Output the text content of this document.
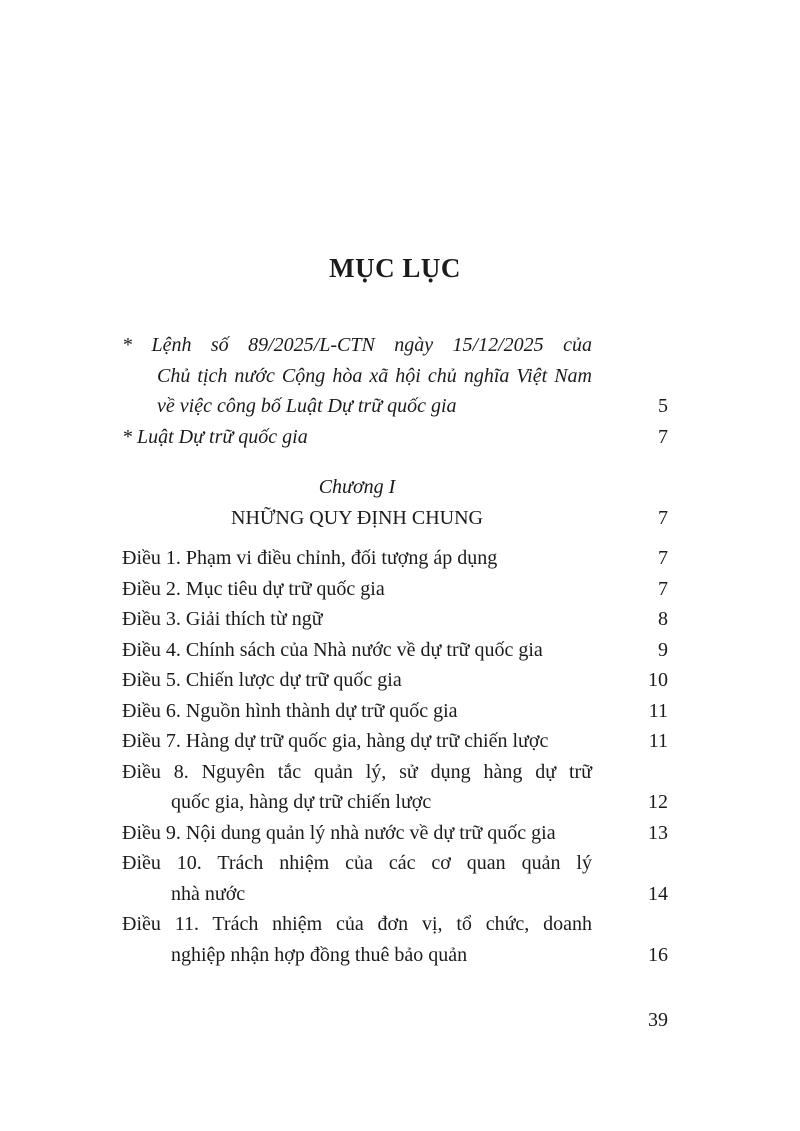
MỤC LỤC
* Lệnh số 89/2025/L-CTN ngày 15/12/2025 của
Chủ tịch nước Cộng hòa xã hội chủ nghĩa Việt Nam
về việc công bố Luật Dự trữ quốc gia	5
* Luật Dự trữ quốc gia	7
Chương I
NHỮNG QUY ĐỊNH CHUNG	7
Điều 1. Phạm vi điều chỉnh, đối tượng áp dụng	7
Điều 2. Mục tiêu dự trữ quốc gia	7
Điều 3. Giải thích từ ngữ	8
Điều 4. Chính sách của Nhà nước về dự trữ quốc gia	9
Điều 5. Chiến lược dự trữ quốc gia	10
Điều 6. Nguồn hình thành dự trữ quốc gia	11
Điều 7. Hàng dự trữ quốc gia, hàng dự trữ chiến lược	11
Điều 8. Nguyên tắc quản lý, sử dụng hàng dự trữ
quốc gia, hàng dự trữ chiến lược	12
Điều 9. Nội dung quản lý nhà nước về dự trữ quốc gia	13
Điều 10. Trách nhiệm của các cơ quan quản lý
nhà nước	14
Điều 11. Trách nhiệm của đơn vị, tổ chức, doanh
nghiệp nhận hợp đồng thuê bảo quản	16
39
